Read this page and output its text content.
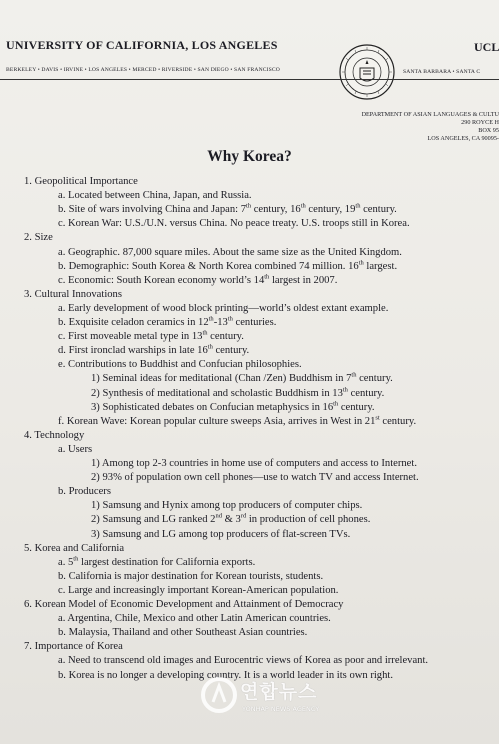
UNIVERSITY OF CALIFORNIA, LOS ANGELES	UCL
BERKELEY • DAVIS • IRVINE • LOS ANGELES • MERCED • RIVERSIDE • SAN DIEGO • SAN FRANCISCO	SANTA BARBARA • SANTA C
DEPARTMENT OF ASIAN LANGUAGES & CULTU
290 ROYCE H
BOX 95
LOS ANGELES, CA 90095-
Why Korea?
1. Geopolitical Importance
a. Located between China, Japan, and Russia.
b. Site of wars involving China and Japan: 7th century, 16th century, 19th century.
c. Korean War: U.S./U.N. versus China. No peace treaty. U.S. troops still in Korea.
2. Size
a. Geographic. 87,000 square miles. About the same size as the United Kingdom.
b. Demographic: South Korea & North Korea combined 74 million. 16th largest.
c. Economic: South Korean economy world’s 14th largest in 2007.
3. Cultural Innovations
a. Early development of wood block printing—world’s oldest extant example.
b. Exquisite celadon ceramics in 12th-13th centuries.
c. First moveable metal type in 13th century.
d. First ironclad warships in late 16th century.
e. Contributions to Buddhist and Confucian philosophies.
1) Seminal ideas for meditational (Chan /Zen) Buddhism in 7th century.
2) Synthesis of meditational and scholastic Buddhism in 13th century.
3) Sophisticated debates on Confucian metaphysics in 16th century.
f. Korean Wave: Korean popular culture sweeps Asia, arrives in West in 21st century.
4. Technology
a. Users
1) Among top 2-3 countries in home use of computers and access to Internet.
2) 93% of population own cell phones—use to watch TV and access Internet.
b. Producers
1) Samsung and Hynix among top producers of computer chips.
2) Samsung and LG ranked 2nd & 3rd in production of cell phones.
3) Samsung and LG among top producers of flat-screen TVs.
5. Korea and California
a. 5th largest destination for California exports.
b. California is major destination for Korean tourists, students.
c. Large and increasingly important Korean-American population.
6. Korean Model of Economic Development and Attainment of Democracy
a. Argentina, Chile, Mexico and other Latin American countries.
b. Malaysia, Thailand and other Southeast Asian countries.
7. Importance of Korea
a. Need to transcend old images and Eurocentric views of Korea as poor and irrelevant.
b. Korea is no longer a developing country. It is a world leader in its own right.
연합뉴스
YONHAP NEWS AGENCY
